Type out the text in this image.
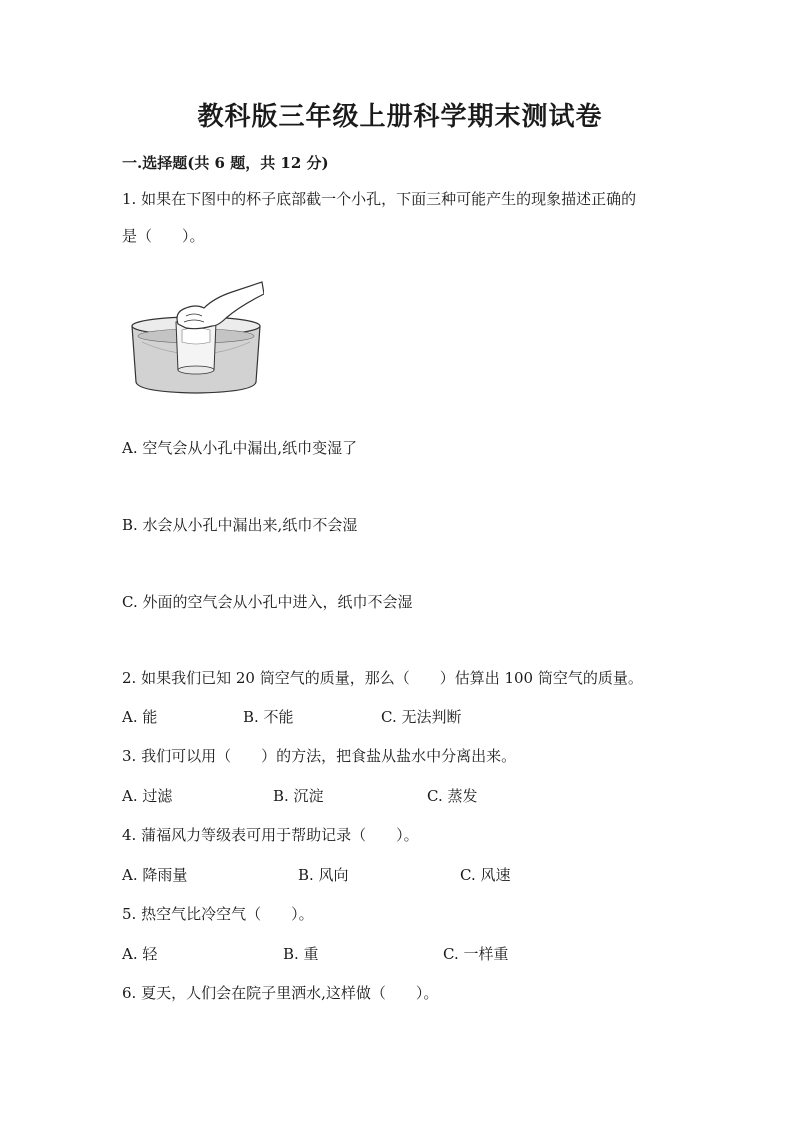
教科版三年级上册科学期末测试卷
一.选择题(共 6 题，共 12 分)
1. 如果在下图中的杯子底部截一个小孔，下面三种可能产生的现象描述正确的
是（　　）。
A. 空气会从小孔中漏出,纸巾变湿了
B. 水会从小孔中漏出来,纸巾不会湿
C. 外面的空气会从小孔中进入，纸巾不会湿
2. 如果我们已知 20 筒空气的质量，那么（　　）估算出 100 筒空气的质量。
A. 能	B. 不能	C. 无法判断
3. 我们可以用（　　）的方法，把食盐从盐水中分离出来。
A. 过滤	B. 沉淀	C. 蒸发
4. 蒲福风力等级表可用于帮助记录（　　）。
A. 降雨量	B. 风向	C. 风速
5. 热空气比冷空气（　　）。
A. 轻	B. 重	C. 一样重
6. 夏天，人们会在院子里洒水,这样做（　　）。
